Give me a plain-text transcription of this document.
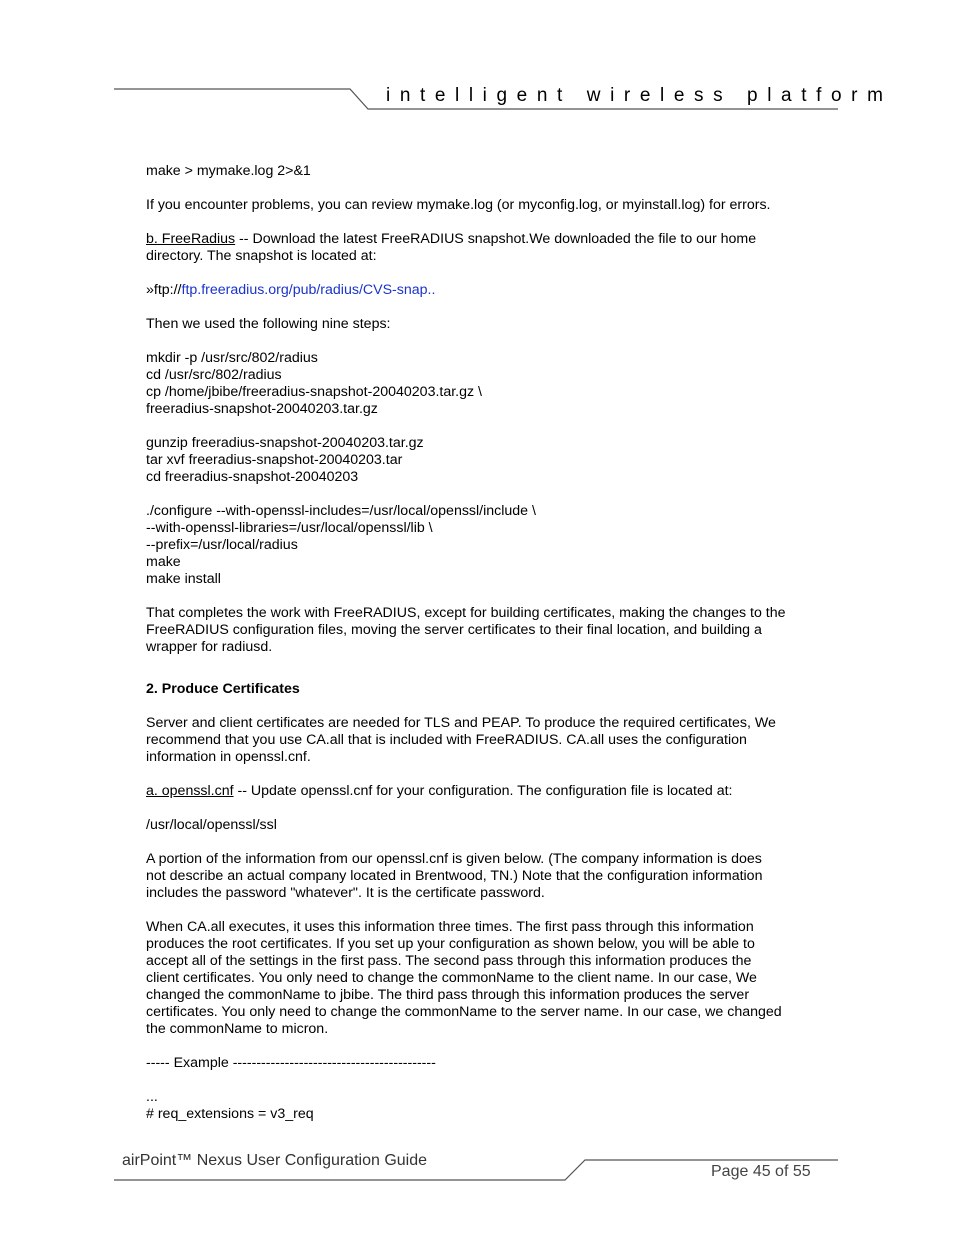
intelligent wireless platform
make > mymake.log 2>&1
If you encounter problems, you can review mymake.log (or myconfig.log, or myinstall.log) for errors.
b. FreeRadius -- Download the latest FreeRADIUS snapshot.We downloaded the file to our home
directory. The snapshot is located at:
»ftp://ftp.freeradius.org/pub/radius/CVS-snap..
Then we used the following nine steps:
mkdir -p /usr/src/802/radius
cd /usr/src/802/radius
cp /home/jbibe/freeradius-snapshot-20040203.tar.gz \
freeradius-snapshot-20040203.tar.gz
gunzip freeradius-snapshot-20040203.tar.gz
tar xvf freeradius-snapshot-20040203.tar
cd freeradius-snapshot-20040203
./configure --with-openssl-includes=/usr/local/openssl/include \
--with-openssl-libraries=/usr/local/openssl/lib \
--prefix=/usr/local/radius
make
make install
That completes the work with FreeRADIUS, except for building certificates, making the changes to the
FreeRADIUS configuration files, moving the server certificates to their final location, and building a
wrapper for radiusd.
2. Produce Certificates
Server and client certificates are needed for TLS and PEAP. To produce the required certificates, We
recommend that you use CA.all that is included with FreeRADIUS. CA.all uses the configuration
information in openssl.cnf.
a. openssl.cnf -- Update openssl.cnf for your configuration. The configuration file is located at:
/usr/local/openssl/ssl
A portion of the information from our openssl.cnf is given below. (The company information is does
not describe an actual company located in Brentwood, TN.) Note that the configuration information
includes the password "whatever". It is the certificate password.
When CA.all executes, it uses this information three times. The first pass through this information
produces the root certificates. If you set up your configuration as shown below, you will be able to
accept all of the settings in the first pass. The second pass through this information produces the
client certificates. You only need to change the commonName to the client name. In our case, We
changed the commonName to jbibe. The third pass through this information produces the server
certificates. You only need to change the commonName to the server name. In our case, we changed
the commonName to micron.
----- Example -------------------------------------------
...
# req_extensions = v3_req
airPoint™ Nexus User Configuration Guide
Page 45 of 55
